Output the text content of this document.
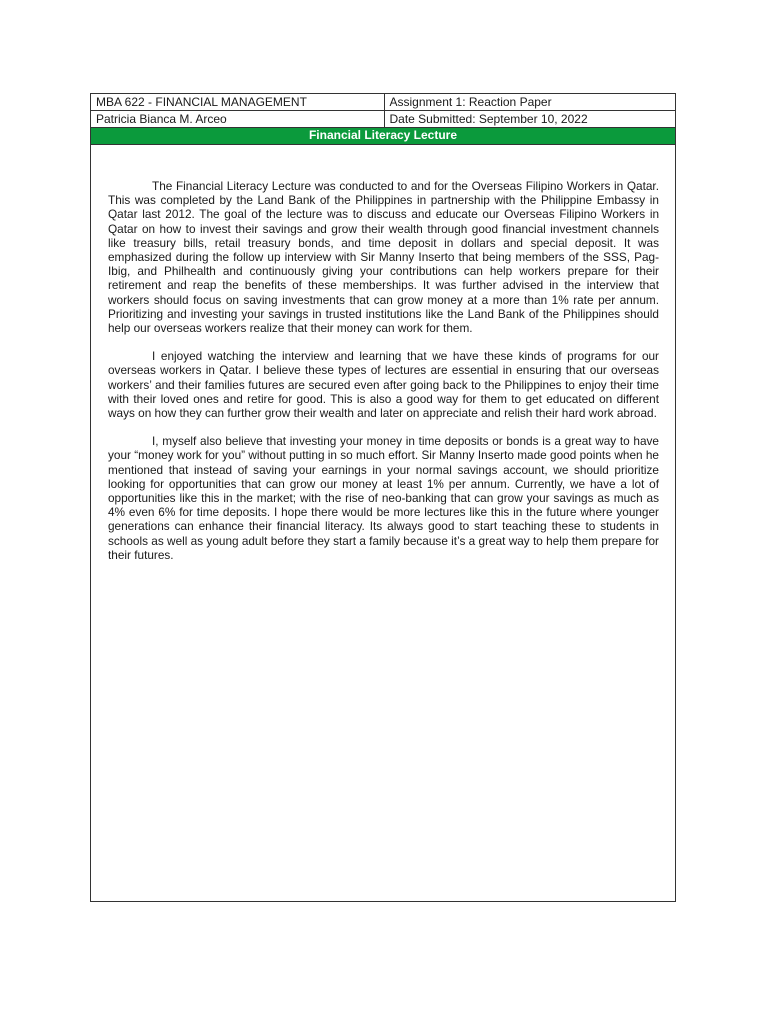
MBA 622 - FINANCIAL MANAGEMENT	Assignment 1: Reaction Paper
Patricia Bianca M. Arceo	Date Submitted: September 10, 2022
Financial Literacy Lecture

The Financial Literacy Lecture was conducted to and for the Overseas Filipino Workers in Qatar. This was completed by the Land Bank of the Philippines in partnership with the Philippine Embassy in Qatar last 2012. The goal of the lecture was to discuss and educate our Overseas Filipino Workers in Qatar on how to invest their savings and grow their wealth through good financial investment channels like treasury bills, retail treasury bonds, and time deposit in dollars and special deposit. It was emphasized during the follow up interview with Sir Manny Inserto that being members of the SSS, Pag-Ibig, and Philhealth and continuously giving your contributions can help workers prepare for their retirement and reap the benefits of these memberships. It was further advised in the interview that workers should focus on saving investments that can grow money at a more than 1% rate per annum. Prioritizing and investing your savings in trusted institutions like the Land Bank of the Philippines should help our overseas workers realize that their money can work for them.

I enjoyed watching the interview and learning that we have these kinds of programs for our overseas workers in Qatar. I believe these types of lectures are essential in ensuring that our overseas workers’ and their families futures are secured even after going back to the Philippines to enjoy their time with their loved ones and retire for good. This is also a good way for them to get educated on different ways on how they can further grow their wealth and later on appreciate and relish their hard work abroad.

I, myself also believe that investing your money in time deposits or bonds is a great way to have your “money work for you” without putting in so much effort. Sir Manny Inserto made good points when he mentioned that instead of saving your earnings in your normal savings account, we should prioritize looking for opportunities that can grow our money at least 1% per annum. Currently, we have a lot of opportunities like this in the market; with the rise of neo-banking that can grow your savings as much as 4% even 6% for time deposits. I hope there would be more lectures like this in the future where younger generations can enhance their financial literacy. Its always good to start teaching these to students in schools as well as young adult before they start a family because it’s a great way to help them prepare for their futures.
